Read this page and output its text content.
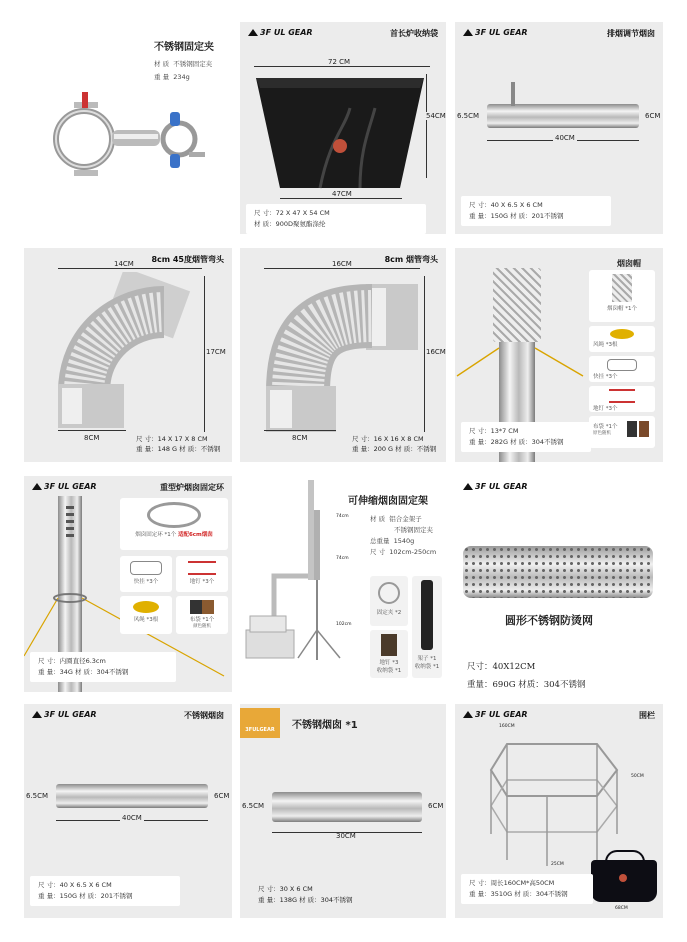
不锈钢固定夹
材 质 不锈钢固定夹
重 量 234g
3F UL GEAR	首长炉收纳袋
72 CM
54CM
47CM
尺 寸：72 X 47 X 54 CM
材 质：900D聚氨酯涤纶
3F UL GEAR	排烟调节烟囱
6.5CM	6CM
40CM
尺 寸：40 X 6.5 X 6 CM
重 量：150G 材 质：201不锈钢
8cm 45度烟管弯头
14CM
17CM
8CM	尺 寸：14 X 17 X 8 CM
重 量：148 G 材 质：不锈钢
8cm 烟管弯头
16CM
16CM
8CM	尺 寸：16 X 16 X 8 CM
重 量：200 G 材 质：不锈钢
烟囱帽
烟囱帽 *1个
风绳 *3根
快挂 *3个
地钉 *3个
布袋 *1个
原色随机
尺 寸：13*7 CM
重 量：282G 材 质：304不锈钢
3F UL GEAR	重型炉烟囱固定环
烟囱固定环 *1个 适配6cm烟囱
快挂 *3个	地钉 *3个
风绳 *3根	布袋 *1个
颜色随机
尺 寸：内圈直径6.3cm
重 量：34G 材 质：304不锈钢
可伸缩烟囱固定架
74cm
74cm
102cm
材 质 铝合金架子
不锈钢固定夹
总重量 1540g
尺 寸 102cm-250cm
固定夹 *2
地钉 *3
收纳袋 *1
架子 *1
收纳袋 *1
3F UL GEAR
圆形不锈钢防烫网
尺寸：40X12CM
重量：690G 材质：304不锈钢
3F UL GEAR	不锈钢烟囱
6.5CM	6CM
40CM
尺 寸：40 X 6.5 X 6 CM
重 量：150G 材 质：201不锈钢
3FULGEAR	不锈钢烟囱 *1
6.5CM	6CM
30CM
尺 寸：30 X 6 CM
重 量：138G 材 质：304不锈钢
3F UL GEAR	围栏
160CM
50CM
25CM
68CM
尺 寸：周长160CM*高50CM
重 量：3510G 材 质：304不锈钢
